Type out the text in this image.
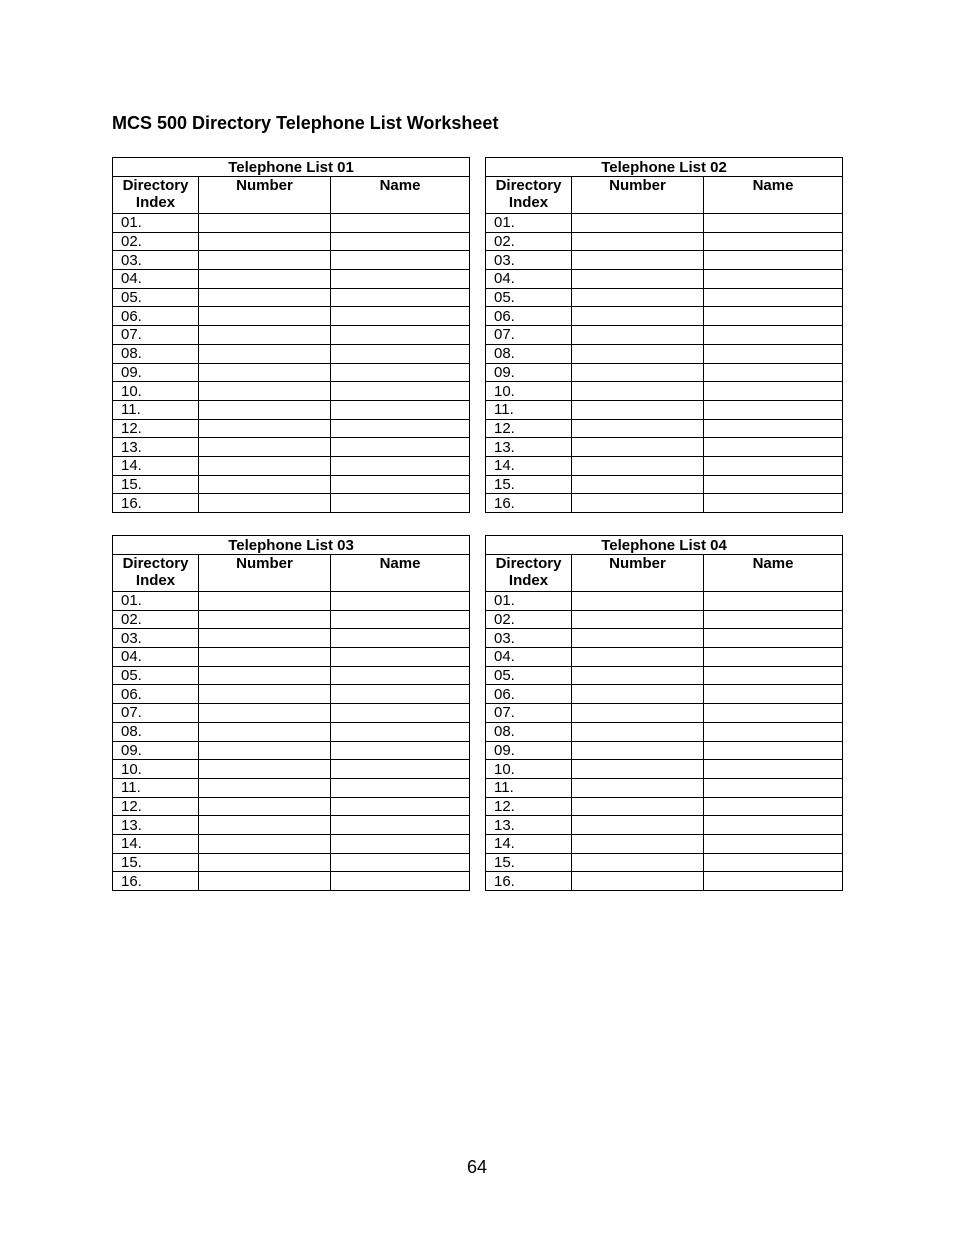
MCS 500 Directory Telephone List Worksheet
Telephone List 01		
Directory
Index	Number	Name
01.		
02.		
03.		
04.		
05.		
06.		
07.		
08.		
09.		
10.		
11.		
12.		
13.		
14.		
15.		
16.		
Telephone List 02		
Directory
Index	Number	Name
01.		
02.		
03.		
04.		
05.		
06.		
07.		
08.		
09.		
10.		
11.		
12.		
13.		
14.		
15.		
16.		
Telephone List 03		
Directory
Index	Number	Name
01.		
02.		
03.		
04.		
05.		
06.		
07.		
08.		
09.		
10.		
11.		
12.		
13.		
14.		
15.		
16.		
Telephone List 04		
Directory
Index	Number	Name
01.		
02.		
03.		
04.		
05.		
06.		
07.		
08.		
09.		
10.		
11.		
12.		
13.		
14.		
15.		
16.		
64
